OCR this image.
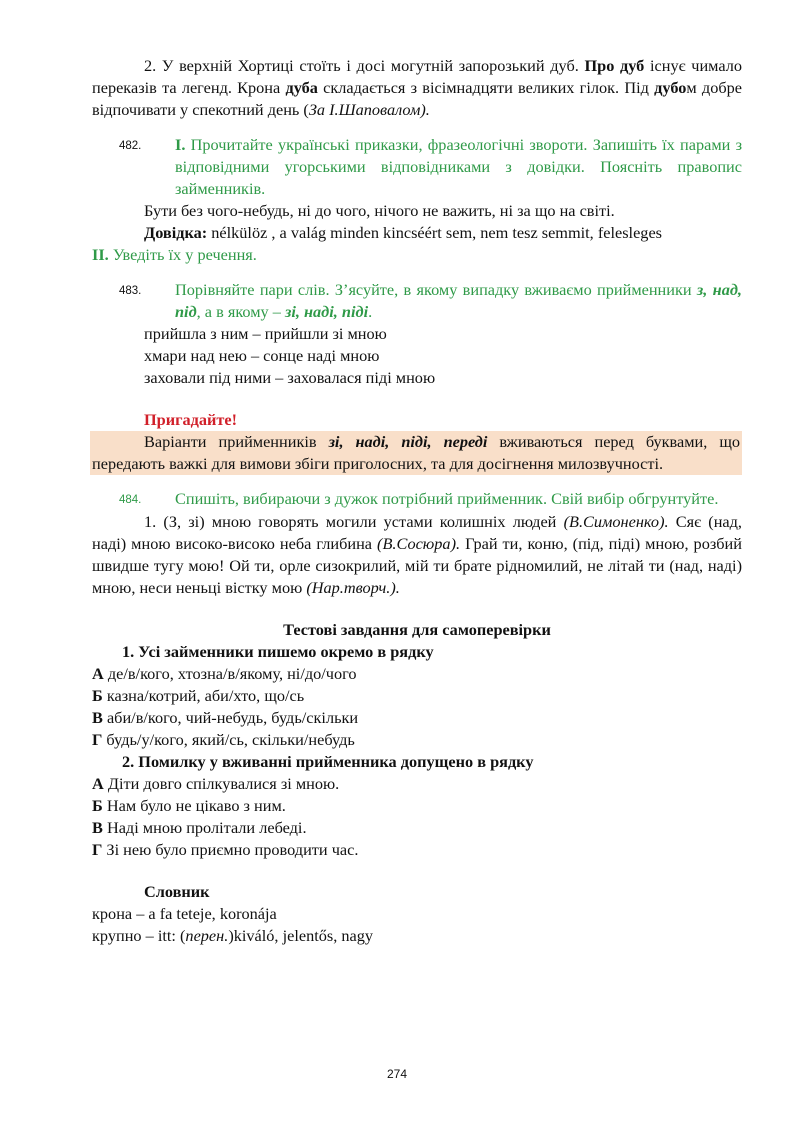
2. У верхній Хортиці стоїть і досі могутній запорозький дуб. Про дуб існує чимало переказів та легенд. Крона дуба складається з вісімнадцяти великих гілок. Під дубом добре відпочивати у спекотний день (За І.Шаповалом).

482.	І. Прочитайте українські приказки, фразеологічні звороти. Запишіть їх парами з відповідними угорськими відповідниками з довідки. Поясніть правопис займенників.

Бути без чого-небудь, ні до чого, нічого не важить, ні за що на світі.

Довідка: nélkülöz , a valág minden kincséért sem, nem tesz semmit, felesleges

ІІ. Уведіть їх у речення.

483.	Порівняйте пари слів. З’ясуйте, в якому випадку вживаємо прийменники з, над, під, а в якому – зі, наді, піді.

прийшла з ним – прийшли зі мною

хмари над нею – сонце наді мною

заховали під ними – заховалася піді мною

Пригадайте!

Варіанти прийменників зі, наді, піді, переді вживаються перед буквами, що передають важкі для вимови збіги приголосних, та для досігнення милозвучності.

484.	Спишіть, вибираючи з дужок потрібний прийменник. Свій вибір обгрунтуйте.

1. (З, зі) мною говорять могили устами колишніх людей (В.Симоненко). Сяє (над, наді) мною високо-високо неба глибина (В.Сосюра). Грай ти, коню, (під, піді) мною, розбий швидше тугу мою! Ой ти, орле сизокрилий, мій ти брате рідномилий, не літай ти (над, наді) мною, неси неньці вістку мою (Нар.творч.).

Тестові завдання для самоперевірки

1. Усі займенники пишемо окремо в рядку

А де/в/кого, хтозна/в/якому, ні/до/чого

Б казна/котрий, аби/хто, що/сь

В аби/в/кого, чий-небудь, будь/скільки

Г будь/у/кого, який/сь, скільки/небудь

2. Помилку у вживанні прийменника допущено в рядку

А Діти довго спілкувалися зі мною.

Б Нам було не цікаво з ним.

В Наді мною пролітали лебеді.

Г Зі нею було приємно проводити час.

Словник

крона – a fa teteje, koronája

крупно – itt: (перен.)kiváló, jelentős, nagy

274
